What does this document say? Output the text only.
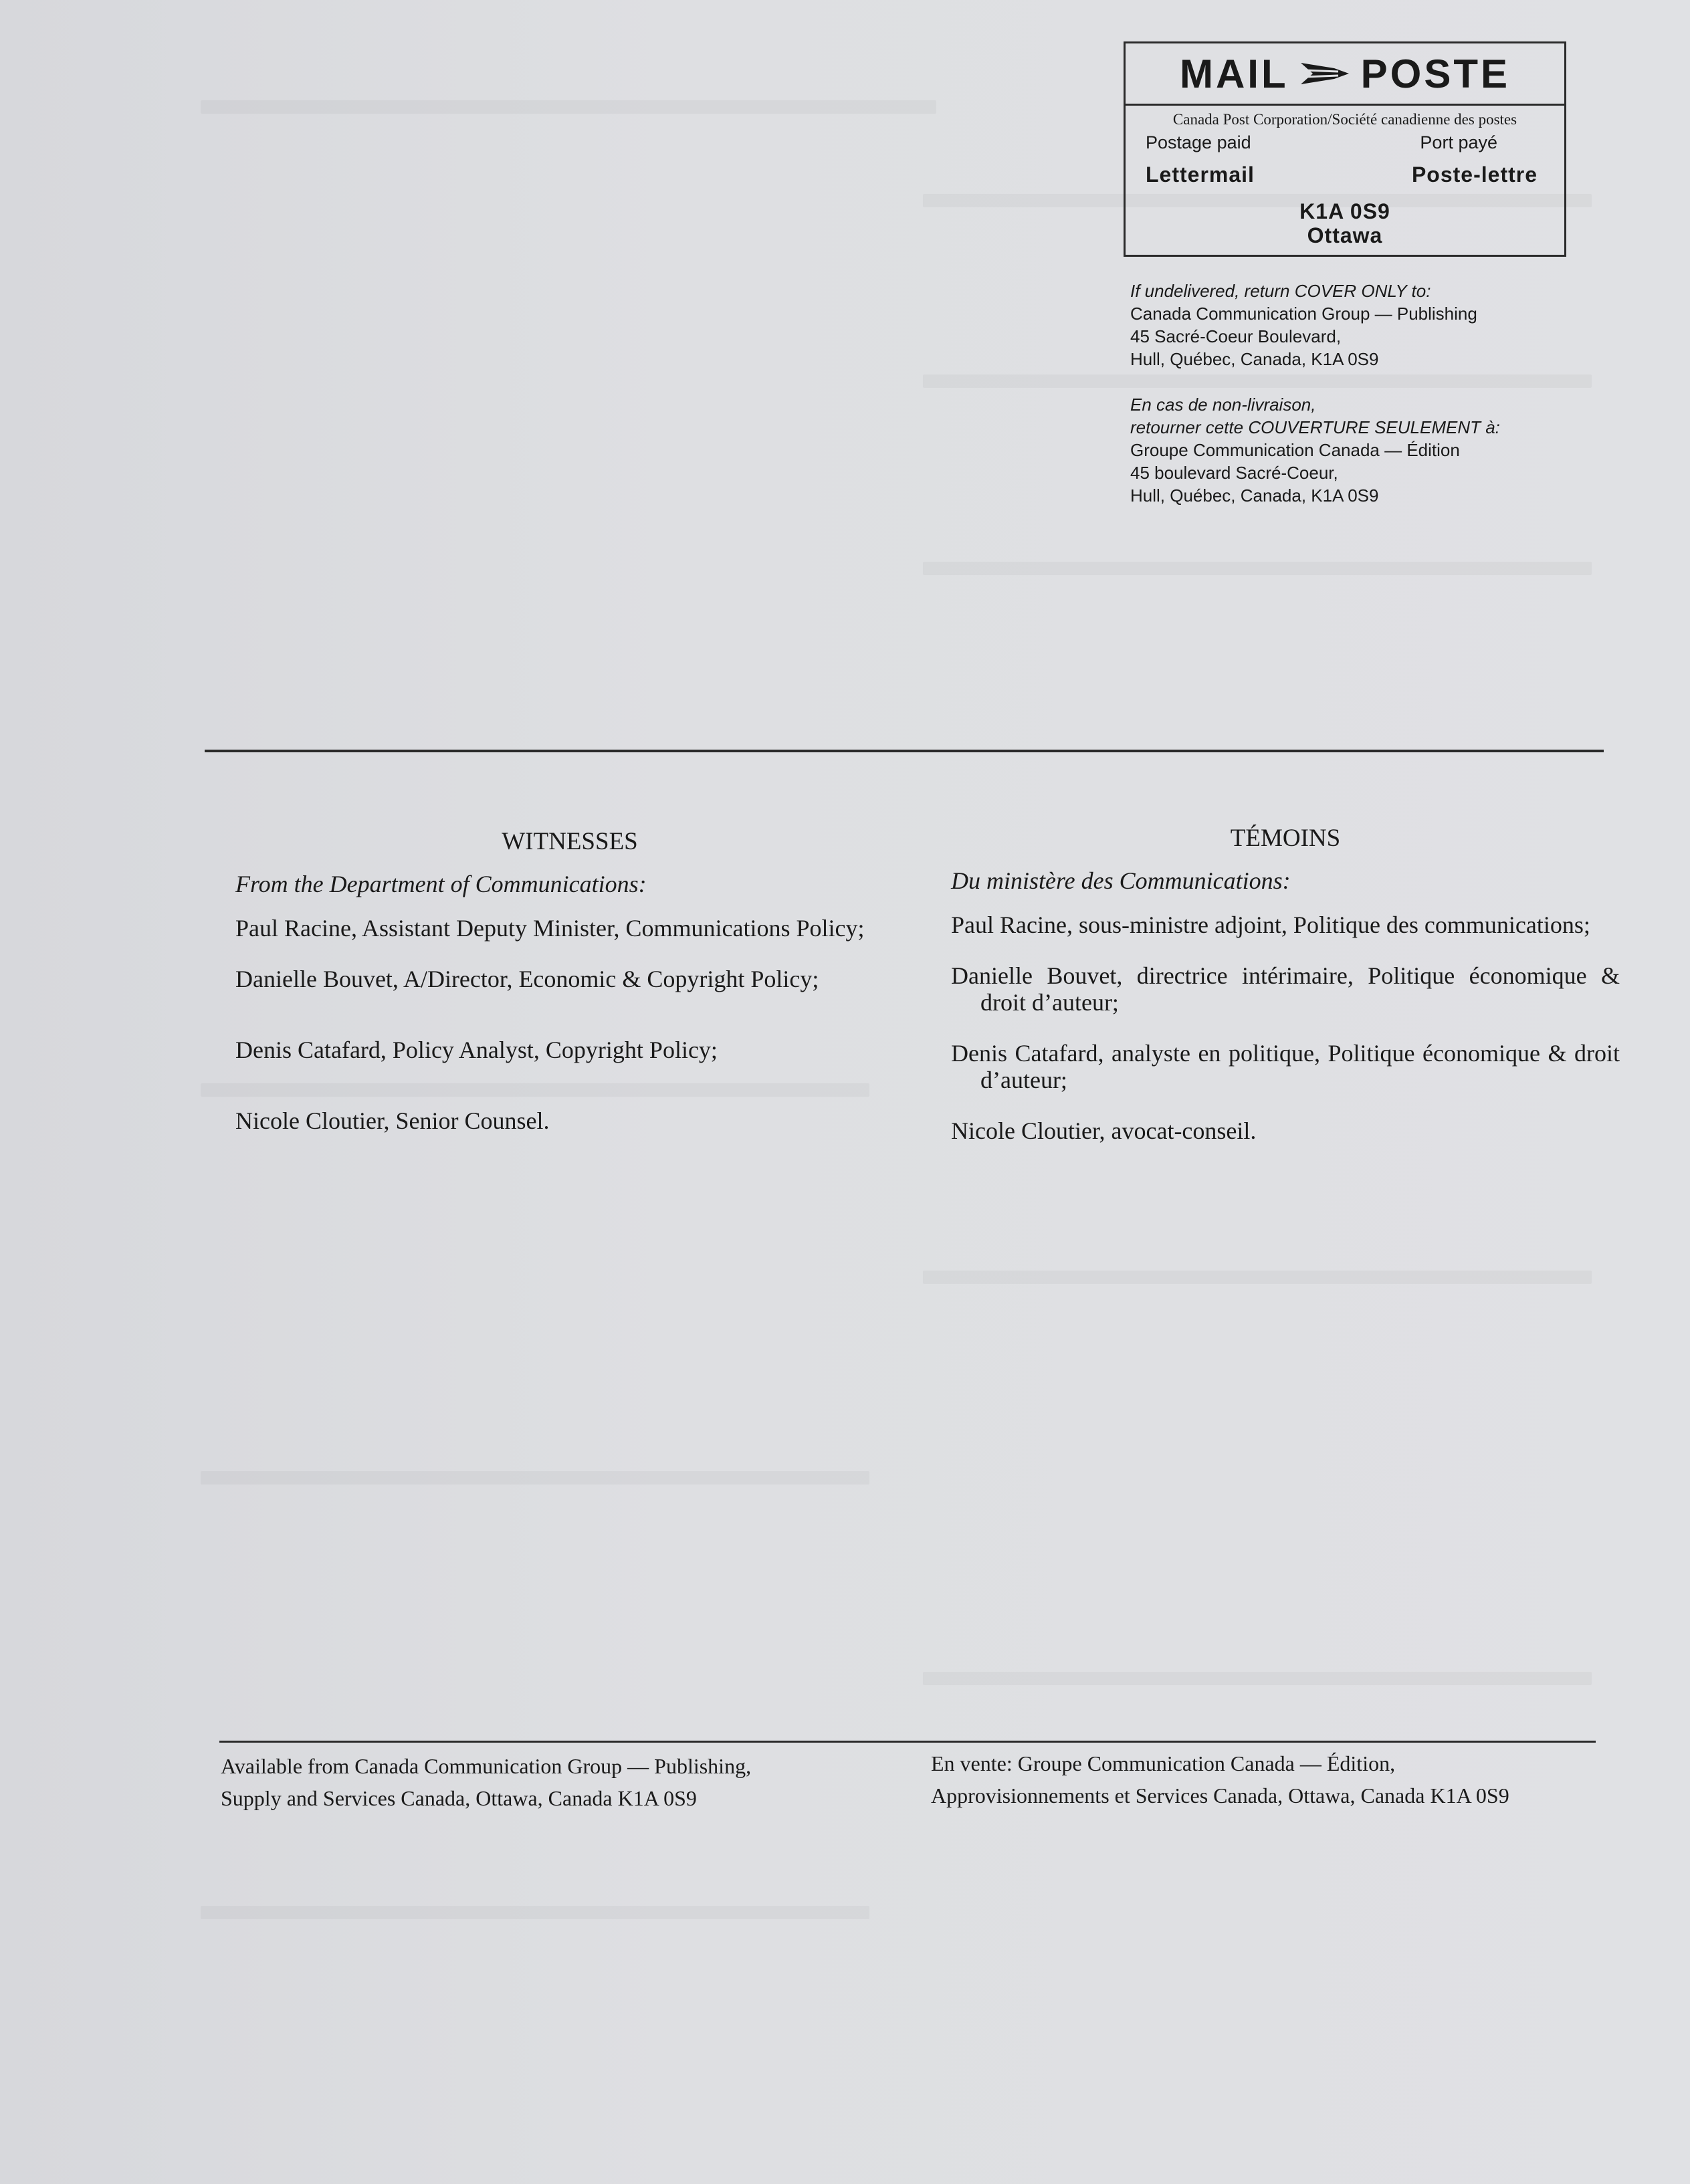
MAIL POSTE
Canada Post Corporation/Société canadienne des postes
Postage paid	Port payé
Lettermail	Poste-lettre
K1A 0S9
Ottawa

If undelivered, return COVER ONLY to:

Canada Communication Group — Publishing

45 Sacré-Coeur Boulevard,

Hull, Québec, Canada, K1A 0S9

En cas de non-livraison,

retourner cette COUVERTURE SEULEMENT à:

Groupe Communication Canada — Édition

45 boulevard Sacré-Coeur,

Hull, Québec, Canada, K1A 0S9

WITNESSES

From the Department of Communications:

Paul Racine, Assistant Deputy Minister, Communications Policy;

Danielle Bouvet, A/Director, Economic & Copyright Policy;

Denis Catafard, Policy Analyst, Copyright Policy;

Nicole Cloutier, Senior Counsel.

TÉMOINS

Du ministère des Communications:

Paul Racine, sous-ministre adjoint, Politique des communications;

Danielle Bouvet, directrice intérimaire, Politique économique & droit d’auteur;

Denis Catafard, analyste en politique, Politique économique & droit d’auteur;

Nicole Cloutier, avocat-conseil.

Available from Canada Communication Group — Publishing,
Supply and Services Canada, Ottawa, Canada K1A 0S9
En vente: Groupe Communication Canada — Édition,
Approvisionnements et Services Canada, Ottawa, Canada K1A 0S9
